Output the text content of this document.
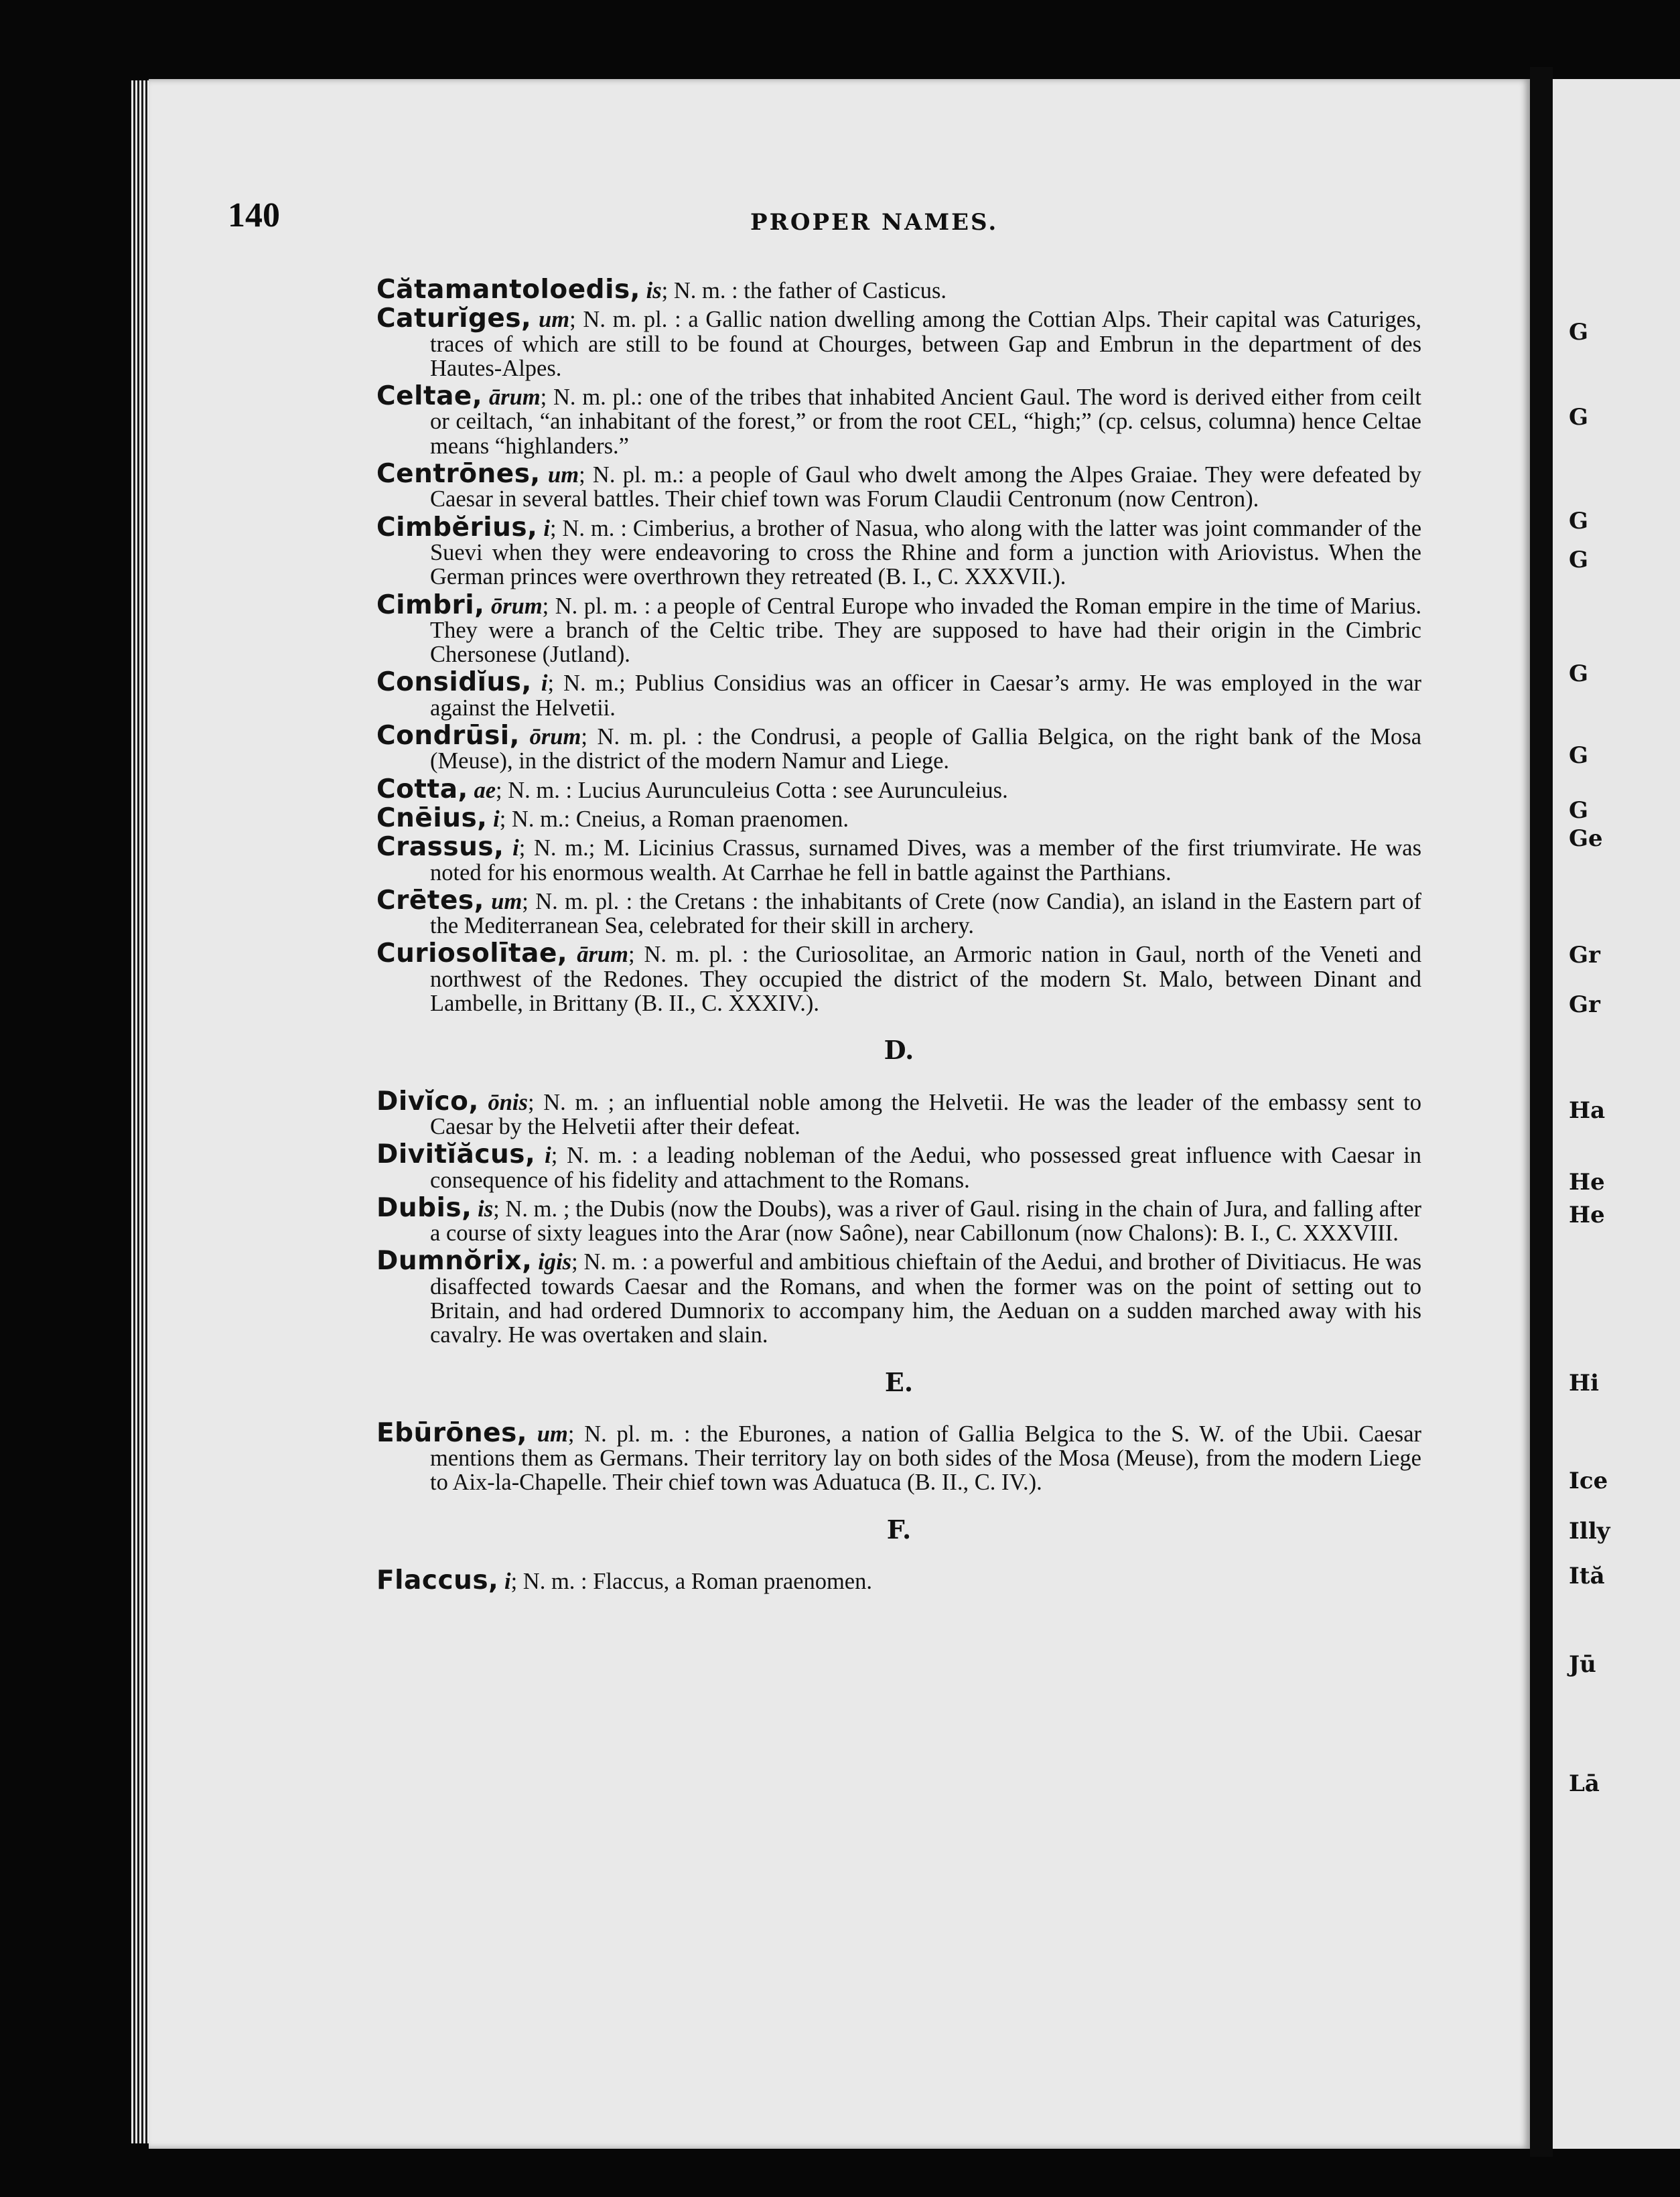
140	PROPER NAMES.
Cătamantoloedis, is; N. m. : the father of Casticus.
Caturĭges, um; N. m. pl. : a Gallic nation dwelling among the Cottian Alps. Their capital was Caturiges, traces of which are still to be found at Chourges, between Gap and Embrun in the department of des Hautes-Alpes.
Celtae, ārum; N. m. pl.: one of the tribes that inhabited Ancient Gaul. The word is derived either from ceilt or ceiltach, “an inhabitant of the forest,” or from the root CEL, “high;” (cp. celsus, columna) hence Celtae means “highlanders.”
Centrōnes, um; N. pl. m.: a people of Gaul who dwelt among the Alpes Graiae. They were defeated by Caesar in several battles. Their chief town was Forum Claudii Centronum (now Centron).
Cimbĕrius, i; N. m. : Cimberius, a brother of Nasua, who along with the latter was joint commander of the Suevi when they were endeavoring to cross the Rhine and form a junction with Ariovistus. When the German princes were overthrown they retreated (B. I., C. XXXVII.).
Cimbri, ōrum; N. pl. m. : a people of Central Europe who invaded the Roman empire in the time of Marius. They were a branch of the Celtic tribe. They are supposed to have had their origin in the Cimbric Chersonese (Jutland).
Considĭus, i; N. m.; Publius Considius was an officer in Caesar’s army. He was employed in the war against the Helvetii.
Condrūsi, ōrum; N. m. pl. : the Condrusi, a people of Gallia Belgica, on the right bank of the Mosa (Meuse), in the district of the modern Namur and Liege.
Cotta, ae; N. m. : Lucius Aurunculeius Cotta : see Aurunculeius.
Cnēius, i; N. m.: Cneius, a Roman praenomen.
Crassus, i; N. m.; M. Licinius Crassus, surnamed Dives, was a member of the first triumvirate. He was noted for his enormous wealth. At Carrhae he fell in battle against the Parthians.
Crētes, um; N. m. pl. : the Cretans : the inhabitants of Crete (now Candia), an island in the Eastern part of the Mediterranean Sea, celebrated for their skill in archery.
Curiosolītae, ārum; N. m. pl. : the Curiosolitae, an Armoric nation in Gaul, north of the Veneti and northwest of the Redones. They occupied the district of the modern St. Malo, between Dinant and Lambelle, in Brittany (B. II., C. XXXIV.).
D.
Divĭco, ōnis; N. m. ; an influential noble among the Helvetii. He was the leader of the embassy sent to Caesar by the Helvetii after their defeat.
Divitĭăcus, i; N. m. : a leading nobleman of the Aedui, who possessed great influence with Caesar in consequence of his fidelity and attachment to the Romans.
Dubis, is; N. m. ; the Dubis (now the Doubs), was a river of Gaul. rising in the chain of Jura, and falling after a course of sixty leagues into the Arar (now Saône), near Cabillonum (now Chalons): B. I., C. XXXVIII.
Dumnŏrix, igis; N. m. : a powerful and ambitious chieftain of the Aedui, and brother of Divitiacus. He was disaffected towards Caesar and the Romans, and when the former was on the point of setting out to Britain, and had ordered Dumnorix to accompany him, the Aeduan on a sudden marched away with his cavalry. He was overtaken and slain.
E.
Ebūrōnes, um; N. pl. m. : the Eburones, a nation of Gallia Belgica to the S. W. of the Ubii. Caesar mentions them as Germans. Their territory lay on both sides of the Mosa (Meuse), from the modern Liege to Aix-la-Chapelle. Their chief town was Aduatuca (B. II., C. IV.).
F.
Flaccus, i; N. m. : Flaccus, a Roman praenomen.
G
G
G
G
G
G
G
Ge
Gr
Gr
Ha
He
He
Hi
Ice
Illy
Ită
Jū
Lā
